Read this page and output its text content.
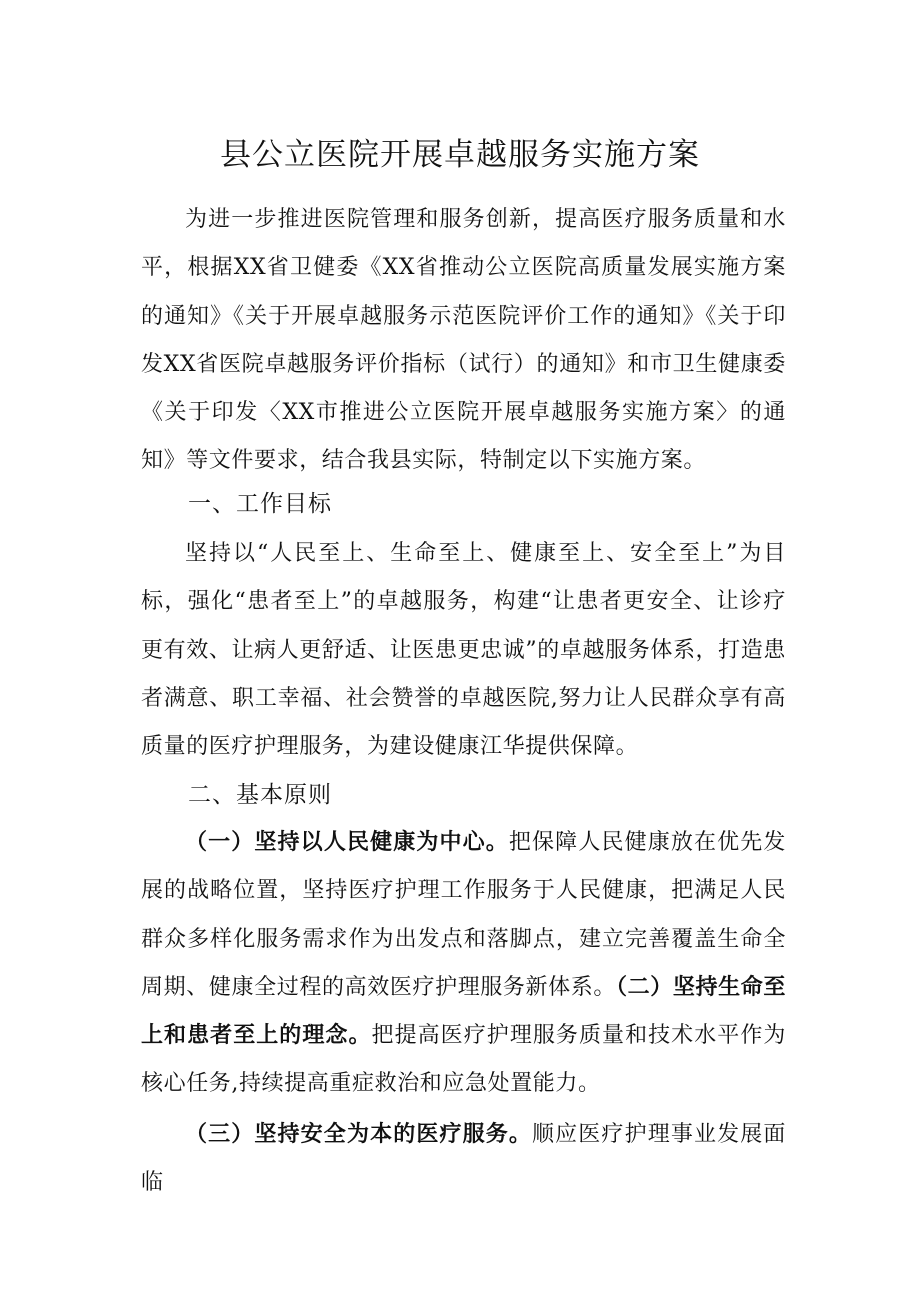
县公立医院开展卓越服务实施方案

为进一步推进医院管理和服务创新，提高医疗服务质量和水平，根据XX省卫健委《XX省推动公立医院高质量发展实施方案的通知》《关于开展卓越服务示范医院评价工作的通知》《关于印发XX省医院卓越服务评价指标（试行）的通知》和市卫生健康委《关于印发〈XX市推进公立医院开展卓越服务实施方案〉的通知》等文件要求，结合我县实际，特制定以下实施方案。

一、工作目标

坚持以“人民至上、生命至上、健康至上、安全至上”为目标，强化“患者至上”的卓越服务，构建“让患者更安全、让诊疗更有效、让病人更舒适、让医患更忠诚”的卓越服务体系，打造患者满意、职工幸福、社会赞誉的卓越医院,努力让人民群众享有高质量的医疗护理服务，为建设健康江华提供保障。

二、基本原则

（一）坚持以人民健康为中心。把保障人民健康放在优先发展的战略位置，坚持医疗护理工作服务于人民健康，把满足人民群众多样化服务需求作为出发点和落脚点，建立完善覆盖生命全周期、健康全过程的高效医疗护理服务新体系。（二）坚持生命至上和患者至上的理念。把提高医疗护理服务质量和技术水平作为核心任务,持续提高重症救治和应急处置能力。

（三）坚持安全为本的医疗服务。顺应医疗护理事业发展面临
